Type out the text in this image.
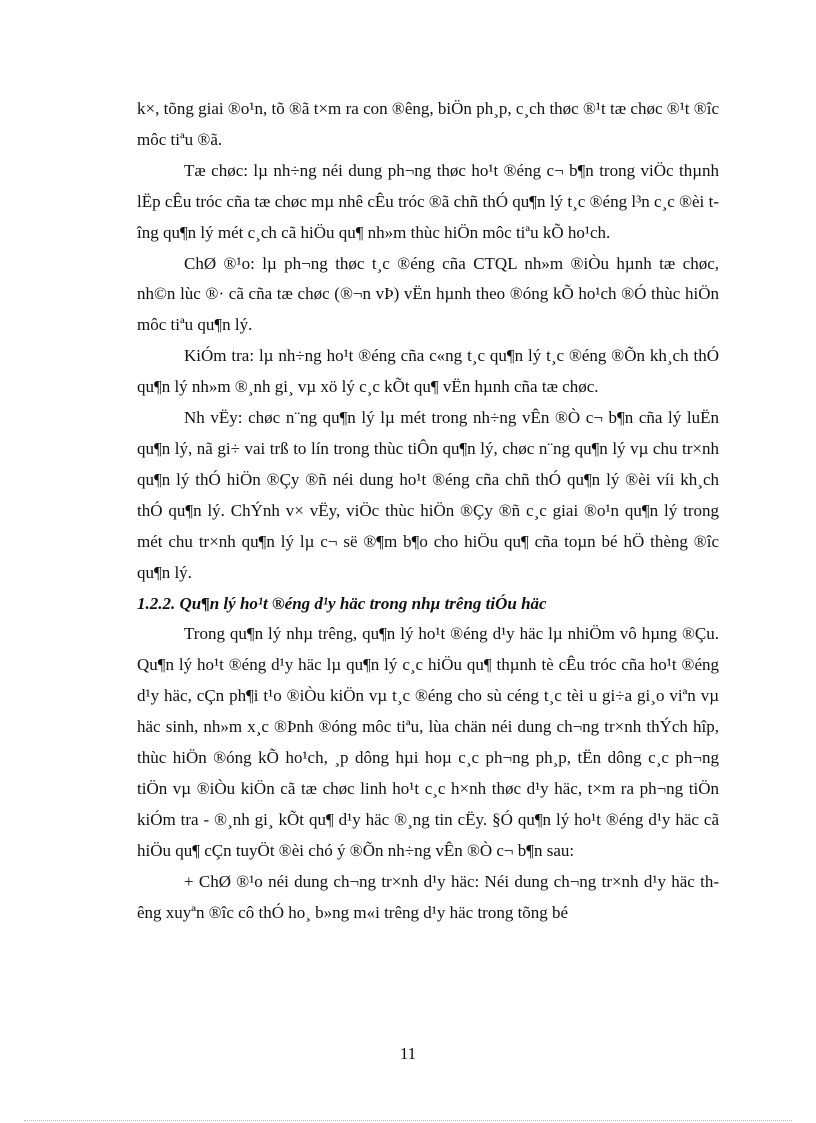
k×, tõng giai ®o¹n, tõ ®ã t×m ra con ®êng, biÖn ph¸p, c¸ch thøc ®¹t tæ chøc ®¹t ®îc môc tiªu ®ã.

Tæ chøc: lµ nh÷ng néi dung ph¬ng thøc ho¹t ®éng c¬ b¶n trong viÖc thµnh lËp cÊu tróc cña tæ chøc mµ nhê cÊu tróc ®ã chñ thÓ qu¶n lý t¸c ®éng l³n c¸c ®èi tîng qu¶n lý mét c¸ch cã hiÖu qu¶ nh»m thùc hiÖn môc tiªu kÕ ho¹ch.

ChØ ®¹o: lµ ph¬ng thøc t¸c ®éng cña CTQL nh»m ®iÒu hµnh tæ chøc, nh©n lùc ®· cã cña tæ chøc (®¬n vÞ) vËn hµnh theo ®óng kÕ ho¹ch ®Ó thùc hiÖn môc tiªu qu¶n lý.

KiÓm tra: lµ nh÷ng ho¹t ®éng cña c«ng t¸c qu¶n lý t¸c ®éng ®Õn kh¸ch thÓ qu¶n lý nh»m ®¸nh gi¸ vµ xö lý c¸c kÕt qu¶ vËn hµnh cña tæ chøc.

Nh vËy: chøc n¨ng qu¶n lý lµ mét trong nh÷ng vÊn ®Ò c¬ b¶n cña lý luËn qu¶n lý, nã gi÷ vai trß to lín trong thùc tiÔn qu¶n lý, chøc n¨ng qu¶n lý vµ chu tr×nh qu¶n lý thÓ hiÖn ®Çy ®ñ néi dung ho¹t ®éng cña chñ thÓ qu¶n lý ®èi víi kh¸ch thÓ qu¶n lý. ChÝnh v× vËy, viÖc thùc hiÖn ®Çy ®ñ c¸c giai ®o¹n qu¶n lý trong mét chu tr×nh qu¶n lý lµ c¬ së ®¶m b¶o cho hiÖu qu¶ cña toµn bé hÖ thèng ®îc qu¶n lý.

1.2.2. Qu¶n lý ho¹t ®éng d¹y häc trong nhµ trêng tiÓu häc

Trong qu¶n lý nhµ trêng, qu¶n lý ho¹t ®éng d¹y häc lµ nhiÖm vô hµng ®Çu. Qu¶n lý ho¹t ®éng d¹y häc lµ qu¶n lý c¸c hiÖu qu¶ thµnh tè cÊu tróc cña ho¹t ®éng d¹y häc, cÇn ph¶i t¹o ®iÒu kiÖn vµ t¸c ®éng cho sù céng t¸c tèi u gi÷a gi¸o viªn vµ häc sinh, nh»m x¸c ®Þnh ®óng môc tiªu, lùa chän néi dung ch¬ng tr×nh thÝch hîp, thùc hiÖn ®óng kÕ ho¹ch, ¸p dông hµi hoµ c¸c ph¬ng ph¸p, tËn dông c¸c ph¬ng tiÖn vµ ®iÒu kiÖn cã tæ chøc linh ho¹t c¸c h×nh thøc d¹y häc, t×m ra ph¬ng tiÖn kiÓm tra - ®¸nh gi¸ kÕt qu¶ d¹y häc ®¸ng tin cËy. §Ó qu¶n lý ho¹t ®éng d¹y häc cã hiÖu qu¶ cÇn tuyÖt ®èi chó ý ®Õn nh÷ng vÊn ®Ò c¬ b¶n sau:

+ ChØ ®¹o néi dung ch¬ng tr×nh d¹y häc: Néi dung ch¬ng tr×nh d¹y häc thêng xuyªn ®îc cô thÓ ho¸ b»ng m«i trêng d¹y häc trong tõng bé

11
